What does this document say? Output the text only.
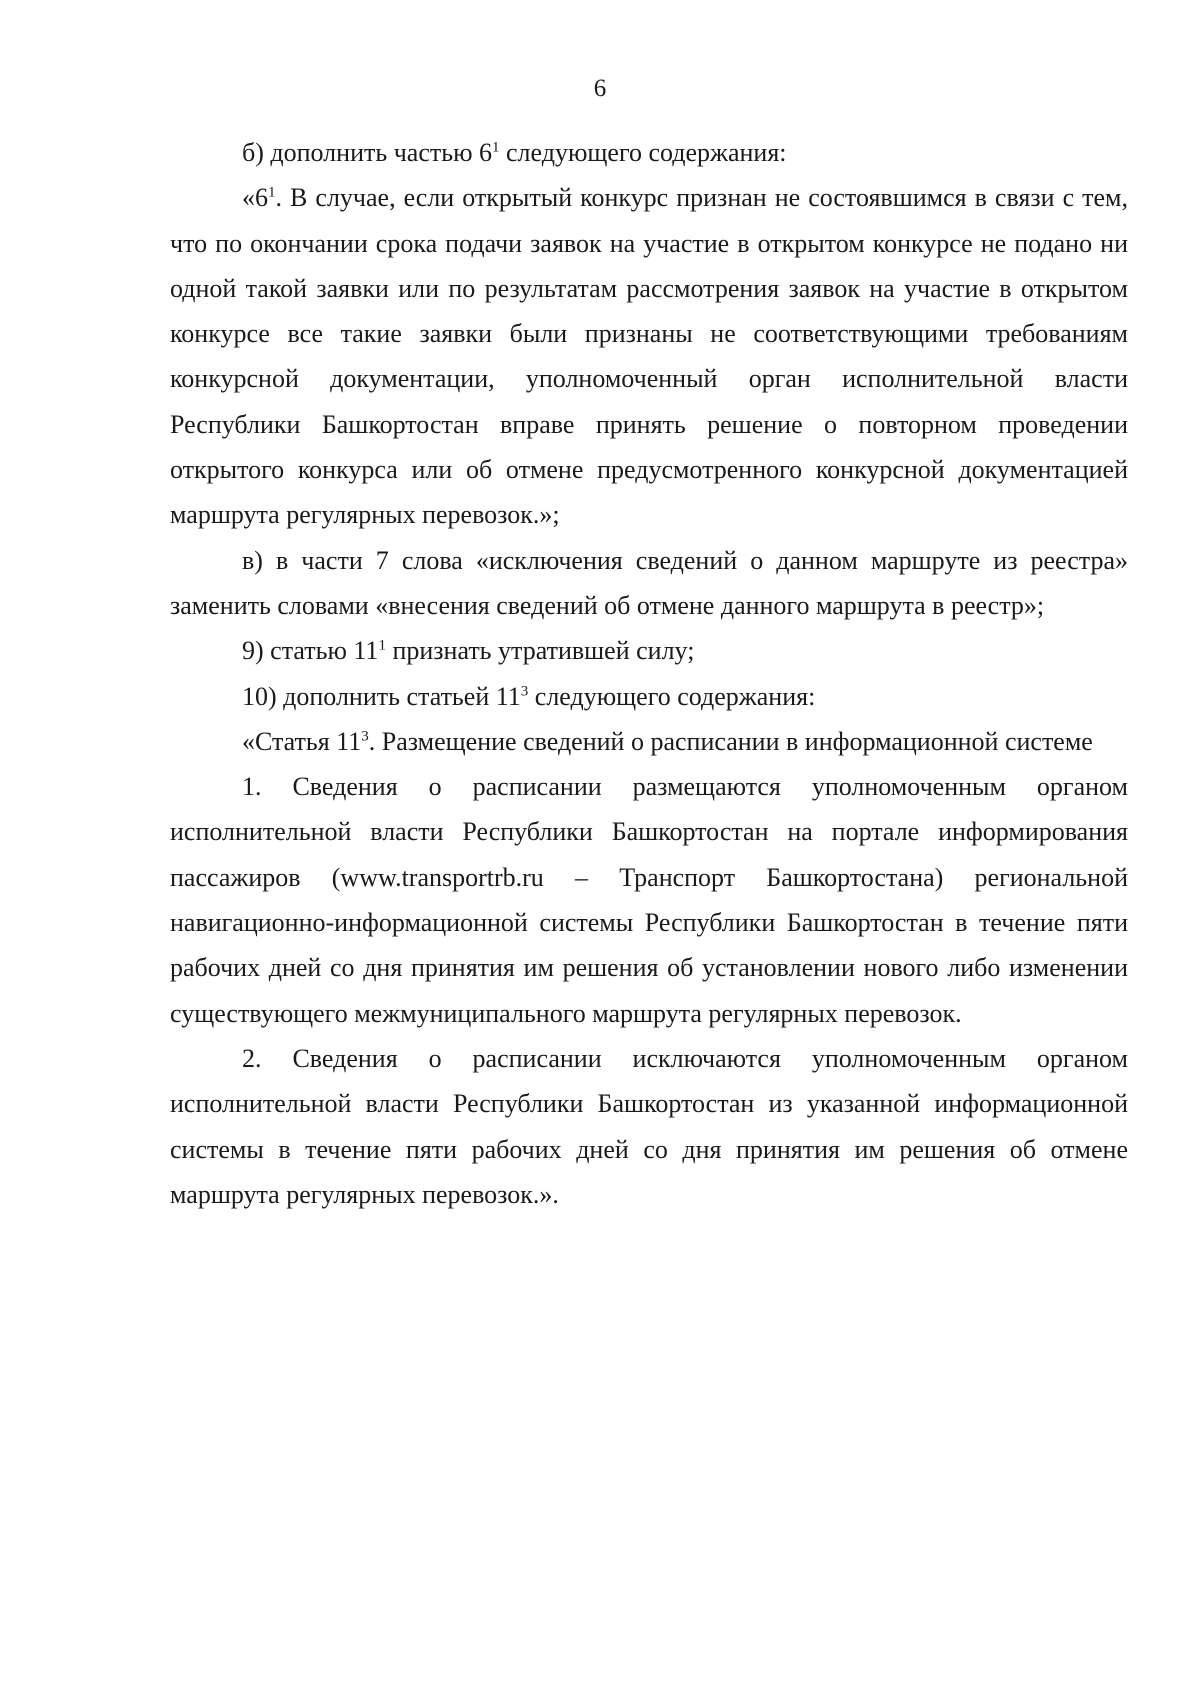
6

б) дополнить частью $6^1$ следующего содержания:

«$6^1$. В случае, если открытый конкурс признан не состоявшимся в связи с тем, что по окончании срока подачи заявок на участие в открытом конкурсе не подано ни одной такой заявки или по результатам рассмотрения заявок на участие в открытом конкурсе все такие заявки были признаны не соответствующими требованиям конкурсной документации, уполномоченный орган исполнительной власти Республики Башкортостан вправе принять решение о повторном проведении открытого конкурса или об отмене предусмотренного конкурсной документацией маршрута регулярных перевозок.»;

в) в части 7 слова «исключения сведений о данном маршруте из реестра» заменить словами «внесения сведений об отмене данного маршрута в реестр»;

9) статью $11^1$ признать утратившей силу;

10) дополнить статьей $11^3$ следующего содержания:

«Статья $11^3$. Размещение сведений о расписании в информационной системе

1. Сведения о расписании размещаются уполномоченным органом исполнительной власти Республики Башкортостан на портале информирования пассажиров (www.transportrb.ru – Транспорт Башкортостана) региональной навигационно-информационной системы Республики Башкортостан в течение пяти рабочих дней со дня принятия им решения об установлении нового либо изменении существующего межмуниципального маршрута регулярных перевозок.

2. Сведения о расписании исключаются уполномоченным органом исполнительной власти Республики Башкортостан из указанной информационной системы в течение пяти рабочих дней со дня принятия им решения об отмене маршрута регулярных перевозок.».
